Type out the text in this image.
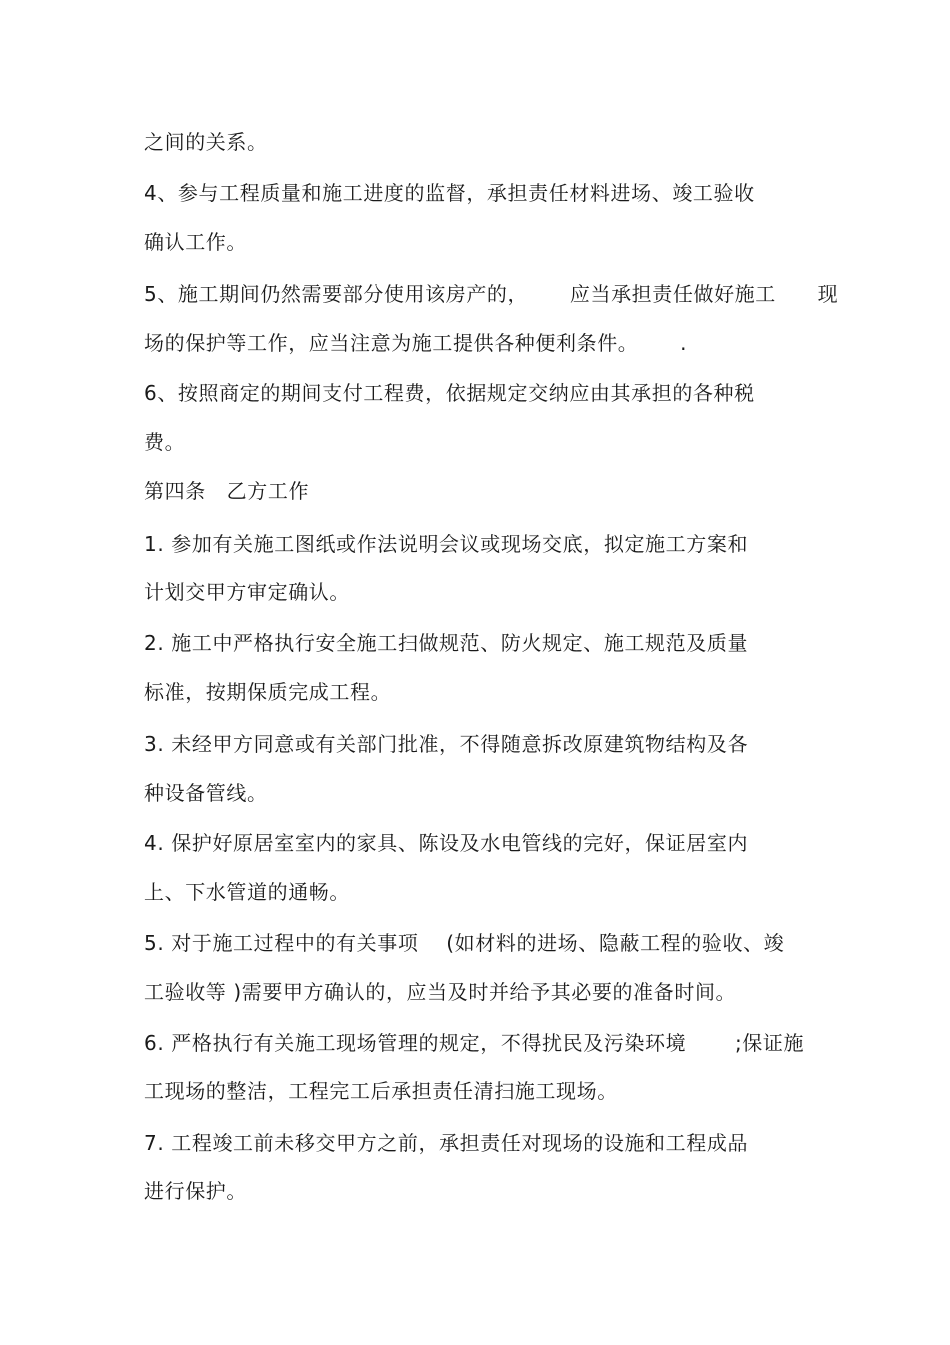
之间的关系。
4、参与工程质量和施工进度的监督，承担责任材料进场、竣工验收
确认工作。
5、施工期间仍然需要部分使用该房产的，      应当承担责任做好施工      现
场的保护等工作，应当注意为施工提供各种便利条件。      .
6、按照商定的期间支付工程费，依据规定交纳应由其承担的各种税
费。
第四条   乙方工作
1. 参加有关施工图纸或作法说明会议或现场交底，拟定施工方案和
计划交甲方审定确认。
2. 施工中严格执行安全施工扫做规范、防火规定、施工规范及质量
标准，按期保质完成工程。
3. 未经甲方同意或有关部门批准，不得随意拆改原建筑物结构及各
种设备管线。
4. 保护好原居室室内的家具、陈设及水电管线的完好，保证居室内
上、下水管道的通畅。
5. 对于施工过程中的有关事项    (如材料的进场、隐蔽工程的验收、竣
工验收等 )需要甲方确认的，应当及时并给予其必要的准备时间。
6. 严格执行有关施工现场管理的规定，不得扰民及污染环境       ;保证施
工现场的整洁，工程完工后承担责任清扫施工现场。
7. 工程竣工前未移交甲方之前，承担责任对现场的设施和工程成品
进行保护。
